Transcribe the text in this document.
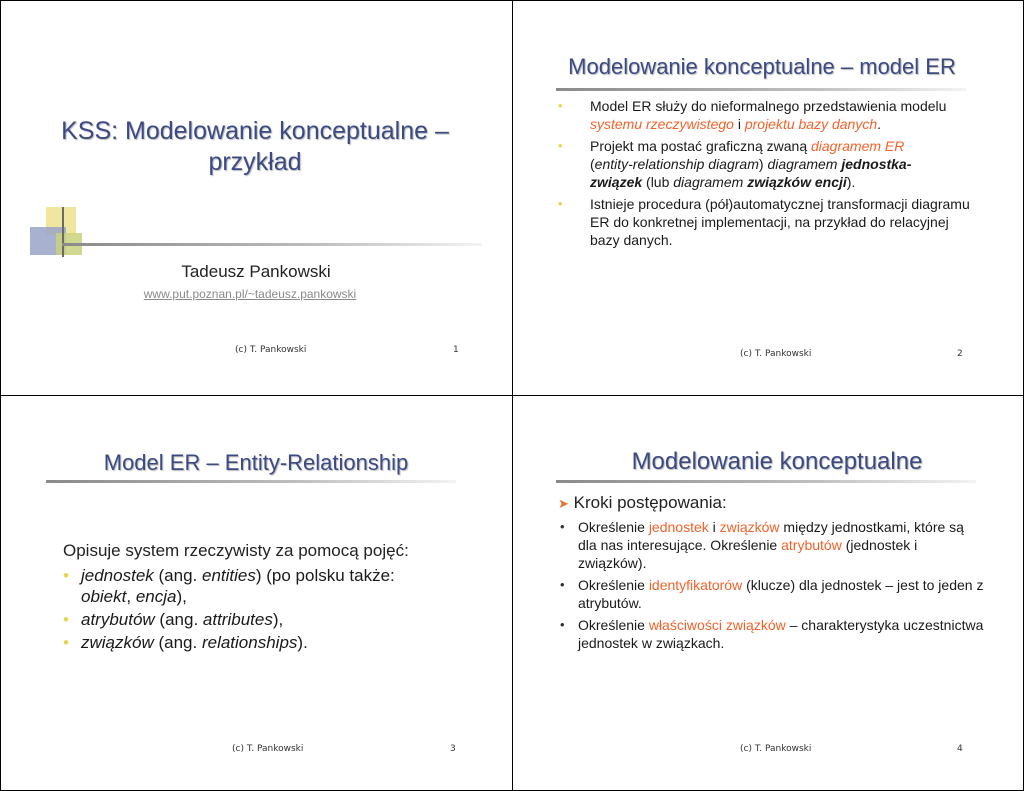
KSS: Modelowanie konceptualne –
przykład
Tadeusz Pankowski
www.put.poznan.pl/~tadeusz.pankowski
(c) T. Pankowski	1
Modelowanie konceptualne – model ER
• Model ER służy do nieformalnego przedstawienia modelu systemu rzeczywistego i projektu bazy danych.
• Projekt ma postać graficzną zwaną diagramem ER
(entity-relationship diagram) diagramem jednostka-
związek (lub diagramem związków encji).
• Istnieje procedura (pół)automatycznej transformacji diagramu ER do konkretnej implementacji, na przykład do relacyjnej bazy danych.
(c) T. Pankowski	2
Model ER – Entity-Relationship
Opisuje system rzeczywisty za pomocą pojęć:
• jednostek (ang. entities) (po polsku także:
obiekt, encja),
• atrybutów (ang. attributes),
• związków (ang. relationships).
(c) T. Pankowski	3
Modelowanie konceptualne
➤ Kroki postępowania:
• Określenie jednostek i związków między jednostkami, które są dla nas interesujące. Określenie atrybutów (jednostek i związków).
• Określenie identyfikatorów (klucze) dla jednostek – jest to jeden z atrybutów.
• Określenie właściwości związków – charakterystyka uczestnictwa jednostek w związkach.
(c) T. Pankowski	4
